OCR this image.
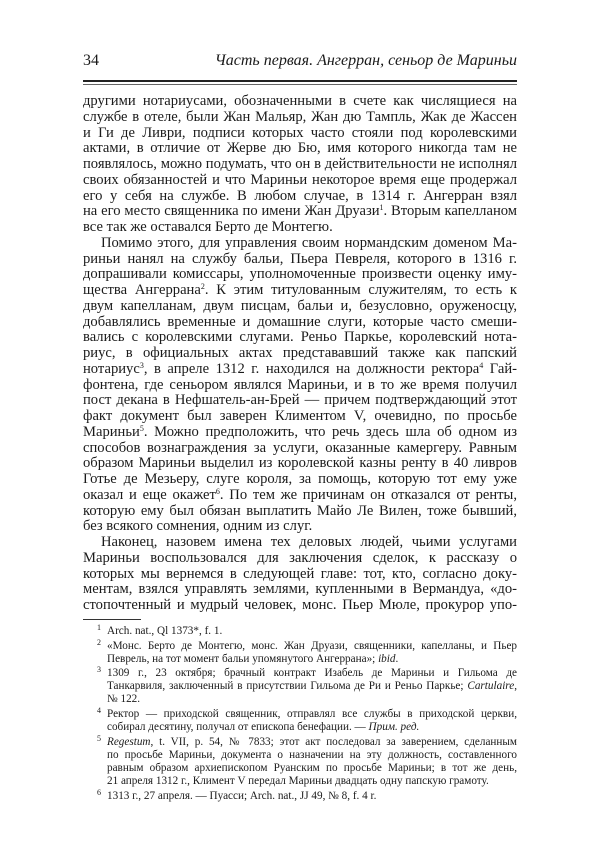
34	Часть первая. Ангерран, сеньор де Мариньи
другими нотариусами, обозначенными в счете как числящиеся на
службе в отеле, были Жан Мальяр, Жан дю Тампль, Жак де Жассен
и Ги де Ливри, подписи которых часто стояли под королевскими
актами, в отличие от Жерве дю Бю, имя которого никогда там не
появлялось, можно подумать, что он в действительности не исполнял
своих обязанностей и что Мариньи некоторое время еще продержал
его у себя на службе. В любом случае, в 1314 г. Ангерран взял
на его место священника по имени Жан Друази$^1$. Вторым капелланом
все так же оставался Берто де Монтегю.
Помимо этого, для управления своим нормандским доменом Ма-
риньи нанял на службу бальи, Пьера Певреля, которого в 1316 г.
допрашивали комиссары, уполномоченные произвести оценку иму-
щества Ангеррана$^2$. К этим титулованным служителям, то есть к
двум капелланам, двум писцам, бальи и, безусловно, оруженосцу,
добавлялись временные и домашние слуги, которые часто смеши-
вались с королевскими слугами. Реньо Паркье, королевский нота-
риус, в официальных актах представавший также как папский
нотариус$^3$, в апреле 1312 г. находился на должности ректора$^4$ Гай-
фонтена, где сеньором являлся Мариньи, и в то же время получил
пост декана в Нефшатель-ан-Брей — причем подтверждающий этот
факт документ был заверен Климентом V, очевидно, по просьбе
Мариньи$^5$. Можно предположить, что речь здесь шла об одном из
способов вознаграждения за услуги, оказанные камергеру. Равным
образом Мариньи выделил из королевской казны ренту в 40 ливров
Готье де Мезьеру, слуге короля, за помощь, которую тот ему уже
оказал и еще окажет$^6$. По тем же причинам он отказался от ренты,
которую ему был обязан выплатить Майо Ле Вилен, тоже бывший,
без всякого сомнения, одним из слуг.
Наконец, назовем имена тех деловых людей, чьими услугами
Мариньи воспользовался для заключения сделок, к рассказу о
которых мы вернемся в следующей главе: тот, кто, согласно доку-
ментам, взялся управлять землями, купленными в Вермандуа, «до-
стопочтенный и мудрый человек, монс. Пьер Мюле, прокурор упо-
1 Arch. nat., Ql 1373*, f. 1.
2 «Монс. Берто де Монтегю, монс. Жан Друази, священники, капелланы, и Пьер
Певрель, на тот момент бальи упомянутого Ангеррана»; ibid.
3 1309 г., 23 октября; брачный контракт Изабель де Мариньи и Гильома де
Танкарвиля, заключенный в присутствии Гильома де Ри и Реньо Паркье; Cartulaire,
№ 122.
4 Ректор — приходской священник, отправлял все службы в приходской церкви,
собирал десятину, получал от епископа бенефации. — Прим. ред.
5 Regestum, t. VII, p. 54, № 7833; этот акт последовал за заверением, сделанным
по просьбе Мариньи, документа о назначении на эту должность, составленного
равным образом архиепископом Руанским по просьбе Мариньи; в тот же день,
21 апреля 1312 г., Климент V передал Мариньи двадцать одну папскую грамоту.
6 1313 г., 27 апреля. — Пуасси; Arch. nat., JJ 49, № 8, f. 4 r.
